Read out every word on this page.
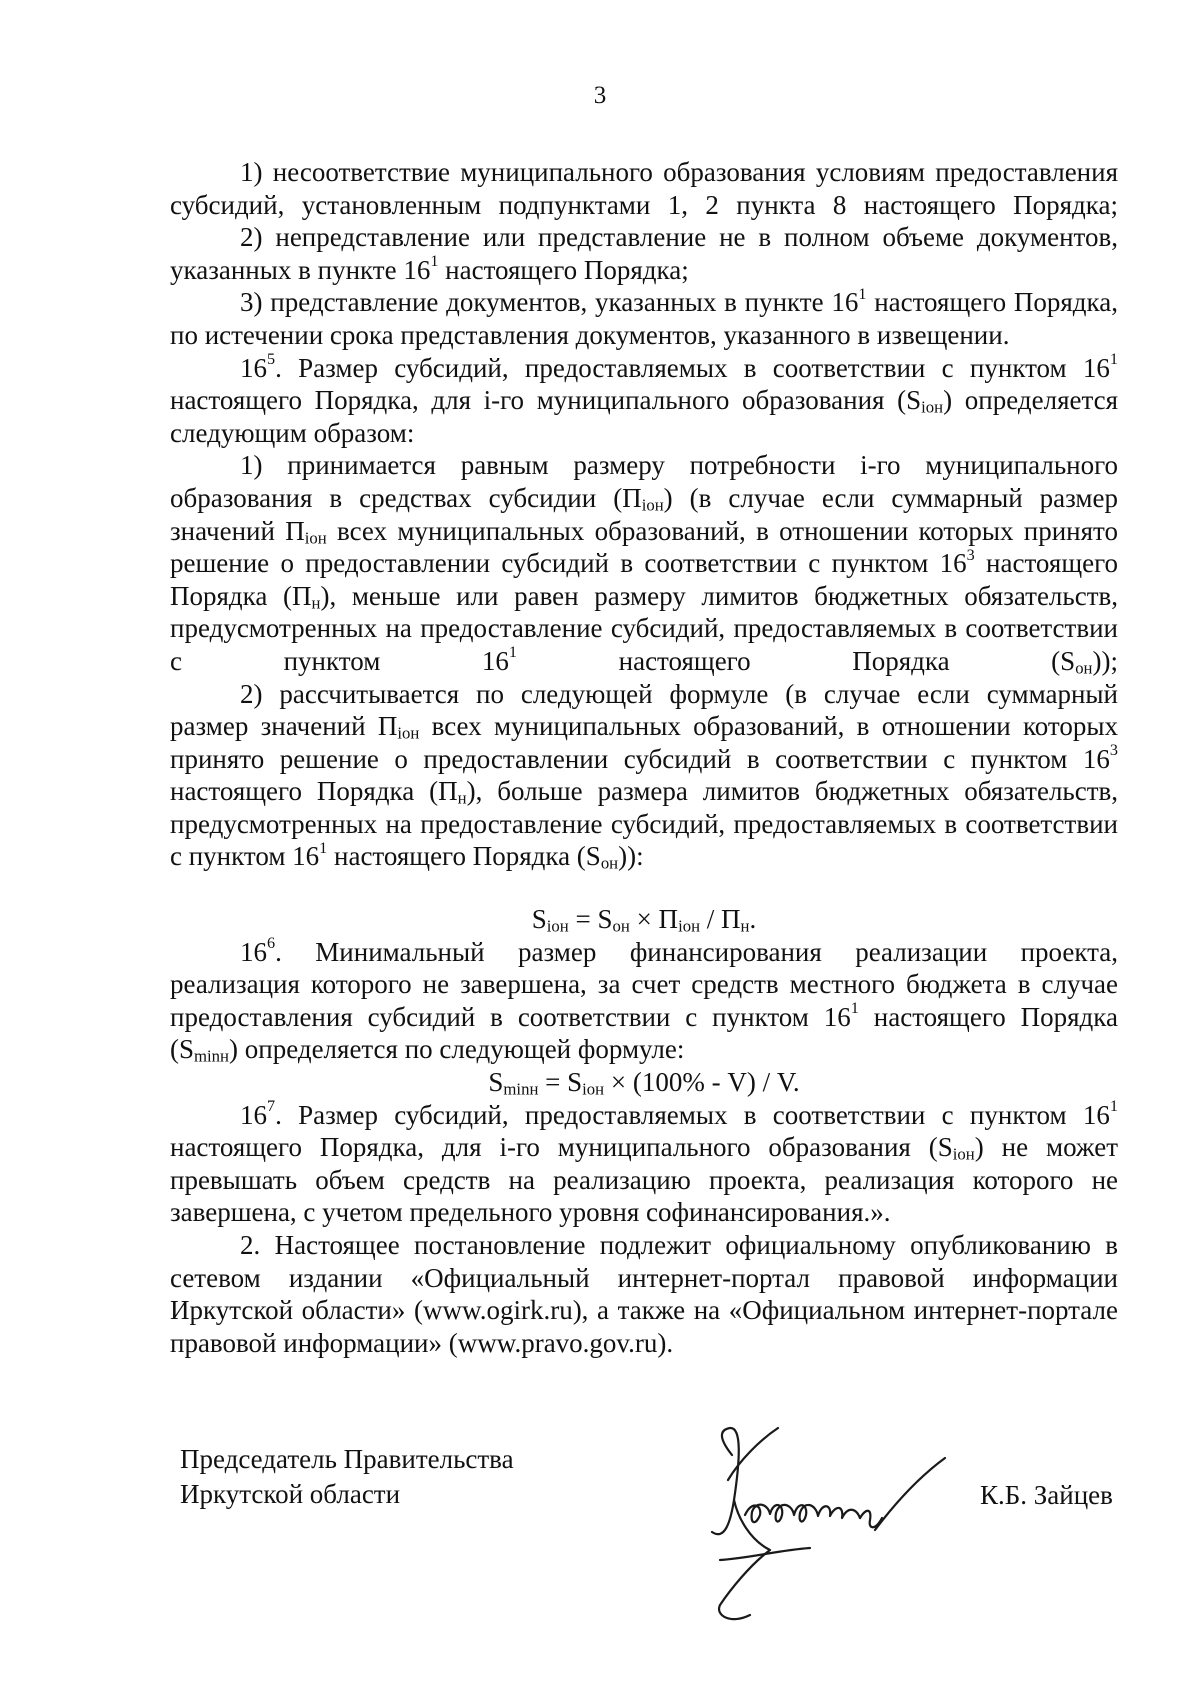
3

1) несоответствие муниципального образования условиям предоставления субсидий, установленным подпунктами 1, 2 пункта 8 настоящего Порядка;

2) непредставление или представление не в полном объеме документов, указанных в пункте $16^1$ настоящего Порядка;

3) представление документов, указанных в пункте $16^1$ настоящего Порядка, по истечении срока представления документов, указанного в извещении.

$16^5$. Размер субсидий, предоставляемых в соответствии с пунктом $16^1$ настоящего Порядка, для i-го муниципального образования $(S_{iон})$ определяется следующим образом:

1) принимается равным размеру потребности i-го муниципального образования в средствах субсидии $(П_{iон})$ (в случае если суммарный размер значений $П_{iон}$ всех муниципальных образований, в отношении которых принято решение о предоставлении субсидий в соответствии с пунктом $16^3$ настоящего Порядка $(П_н)$, меньше или равен размеру лимитов бюджетных обязательств, предусмотренных на предоставление субсидий, предоставляемых в соответствии с пунктом $16^1$ настоящего Порядка $(S_{он})$);

2) рассчитывается по следующей формуле (в случае если суммарный размер значений $П_{iон}$ всех муниципальных образований, в отношении которых принято решение о предоставлении субсидий в соответствии с пунктом $16^3$ настоящего Порядка $(П_н)$, больше размера лимитов бюджетных обязательств, предусмотренных на предоставление субсидий, предоставляемых в соответствии с пунктом $16^1$ настоящего Порядка $(S_{он})$):

$S_{iон} = S_{он} \times П_{iон} / П_н$.

$16^6$. Минимальный размер финансирования реализации проекта, реализация которого не завершена, за счет средств местного бюджета в случае предоставления субсидий в соответствии с пунктом $16^1$ настоящего Порядка $(S_{minн})$ определяется по следующей формуле:

$S_{minн} = S_{iон} \times (100\% - V) / V$.

$16^7$. Размер субсидий, предоставляемых в соответствии с пунктом $16^1$ настоящего Порядка, для i-го муниципального образования $(S_{iон})$ не может превышать объем средств на реализацию проекта, реализация которого не завершена, с учетом предельного уровня софинансирования.».

2. Настоящее постановление подлежит официальному опубликованию в сетевом издании «Официальный интернет-портал правовой информации Иркутской области» (www.ogirk.ru), а также на «Официальном интернет-портале правовой информации» (www.pravo.gov.ru).

Председатель Правительства
Иркутской области	К.Б. Зайцев
